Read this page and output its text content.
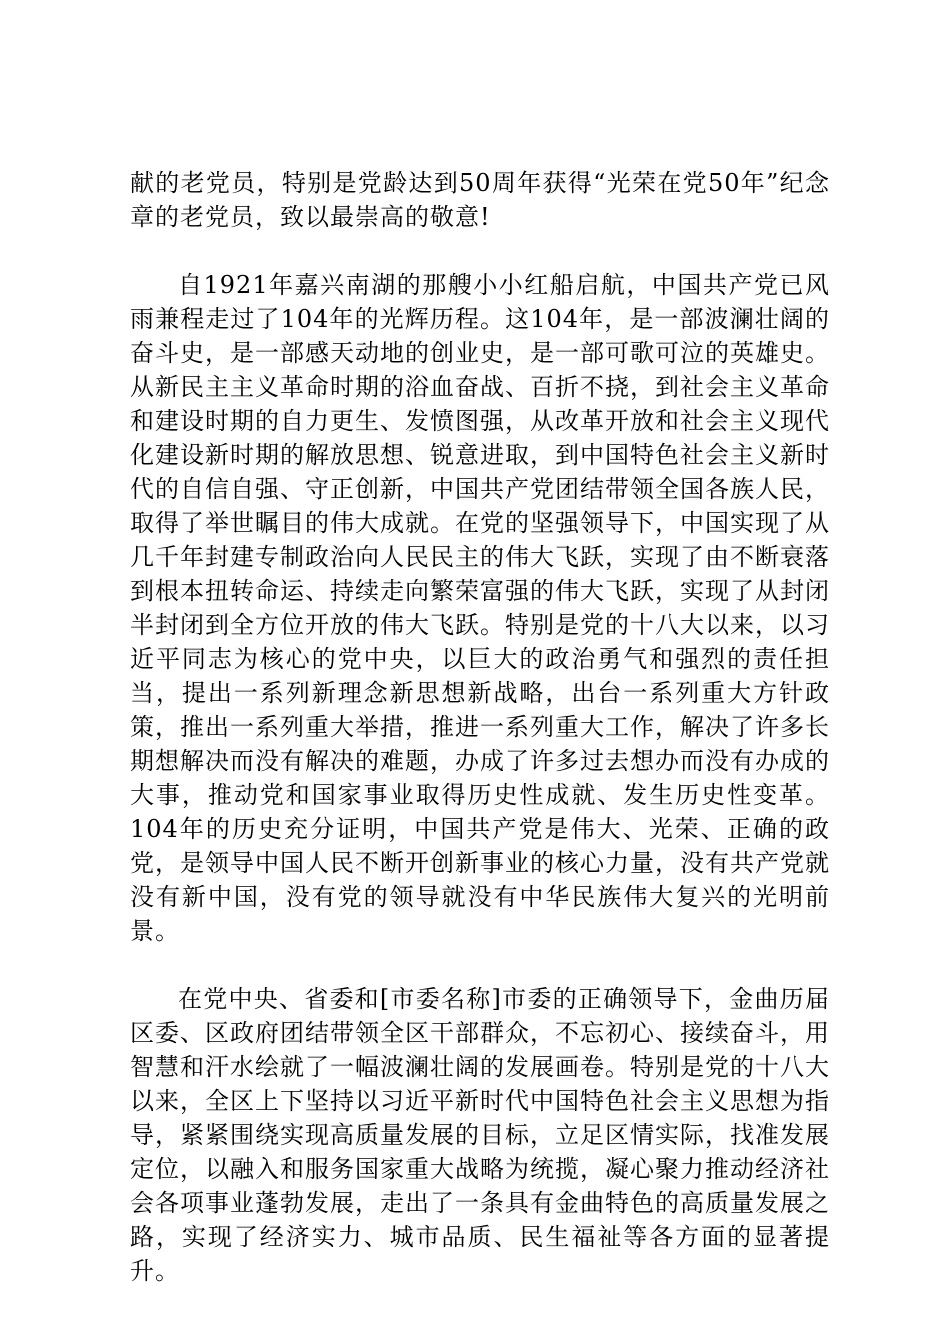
献的老党员，特别是党龄达到50周年获得“光荣在党50年”纪念章的老党员，致以最崇高的敬意!

自1921年嘉兴南湖的那艘小小红船启航，中国共产党已风雨兼程走过了104年的光辉历程。这104年，是一部波澜壮阔的奋斗史，是一部感天动地的创业史，是一部可歌可泣的英雄史。从新民主主义革命时期的浴血奋战、百折不挠，到社会主义革命和建设时期的自力更生、发愤图强，从改革开放和社会主义现代化建设新时期的解放思想、锐意进取，到中国特色社会主义新时代的自信自强、守正创新，中国共产党团结带领全国各族人民，取得了举世瞩目的伟大成就。在党的坚强领导下，中国实现了从几千年封建专制政治向人民民主的伟大飞跃，实现了由不断衰落到根本扭转命运、持续走向繁荣富强的伟大飞跃，实现了从封闭半封闭到全方位开放的伟大飞跃。特别是党的十八大以来，以习近平同志为核心的党中央，以巨大的政治勇气和强烈的责任担当，提出一系列新理念新思想新战略，出台一系列重大方针政策，推出一系列重大举措，推进一系列重大工作，解决了许多长期想解决而没有解决的难题，办成了许多过去想办而没有办成的大事，推动党和国家事业取得历史性成就、发生历史性变革。104年的历史充分证明，中国共产党是伟大、光荣、正确的政党，是领导中国人民不断开创新事业的核心力量，没有共产党就没有新中国，没有党的领导就没有中华民族伟大复兴的光明前景。

在党中央、省委和[市委名称]市委的正确领导下，金曲历届区委、区政府团结带领全区干部群众，不忘初心、接续奋斗，用智慧和汗水绘就了一幅波澜壮阔的发展画卷。特别是党的十八大以来，全区上下坚持以习近平新时代中国特色社会主义思想为指导，紧紧围绕实现高质量发展的目标，立足区情实际，找准发展定位，以融入和服务国家重大战略为统揽，凝心聚力推动经济社会各项事业蓬勃发展，走出了一条具有金曲特色的高质量发展之路，实现了经济实力、城市品质、民生福祉等各方面的显著提升。
